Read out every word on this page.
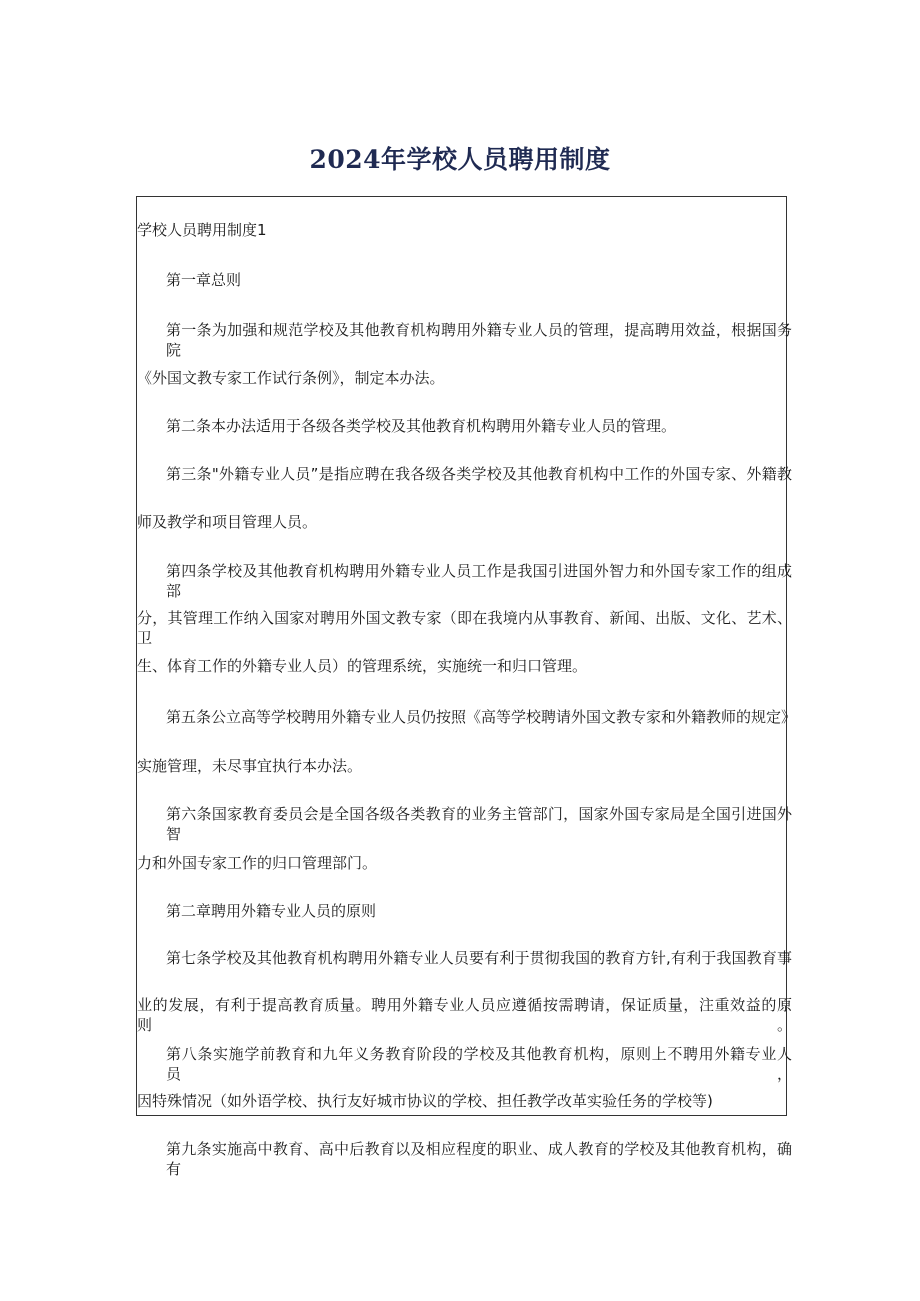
2024年学校人员聘用制度
学校人员聘用制度1
第一章总则
第一条为加强和规范学校及其他教育机构聘用外籍专业人员的管理，提高聘用效益，根据国务院
《外国文教专家工作试行条例》，制定本办法。
第二条本办法适用于各级各类学校及其他教育机构聘用外籍专业人员的管理。
第三条"外籍专业人员”是指应聘在我各级各类学校及其他教育机构中工作的外国专家、外籍教
师及教学和项目管理人员。
第四条学校及其他教育机构聘用外籍专业人员工作是我国引进国外智力和外国专家工作的组成部
分，其管理工作纳入国家对聘用外国文教专家（即在我境内从事教育、新闻、出版、文化、艺术、卫
生、体育工作的外籍专业人员）的管理系统，实施统一和归口管理。
第五条公立高等学校聘用外籍专业人员仍按照《高等学校聘请外国文教专家和外籍教师的规定》
实施管理，未尽事宜执行本办法。
第六条国家教育委员会是全国各级各类教育的业务主管部门，国家外国专家局是全国引进国外智
力和外国专家工作的归口管理部门。
第二章聘用外籍专业人员的原则
第七条学校及其他教育机构聘用外籍专业人员要有利于贯彻我国的教育方针,有利于我国教育事
业的发展，有利于提高教育质量。聘用外籍专业人员应遵循按需聘请，保证质量，注重效益的原则。
第八条实施学前教育和九年义务教育阶段的学校及其他教育机构，原则上不聘用外籍专业人员，
因特殊情况（如外语学校、执行友好城市协议的学校、担任教学改革实验任务的学校等)
第九条实施高中教育、高中后教育以及相应程度的职业、成人教育的学校及其他教育机构，确有
